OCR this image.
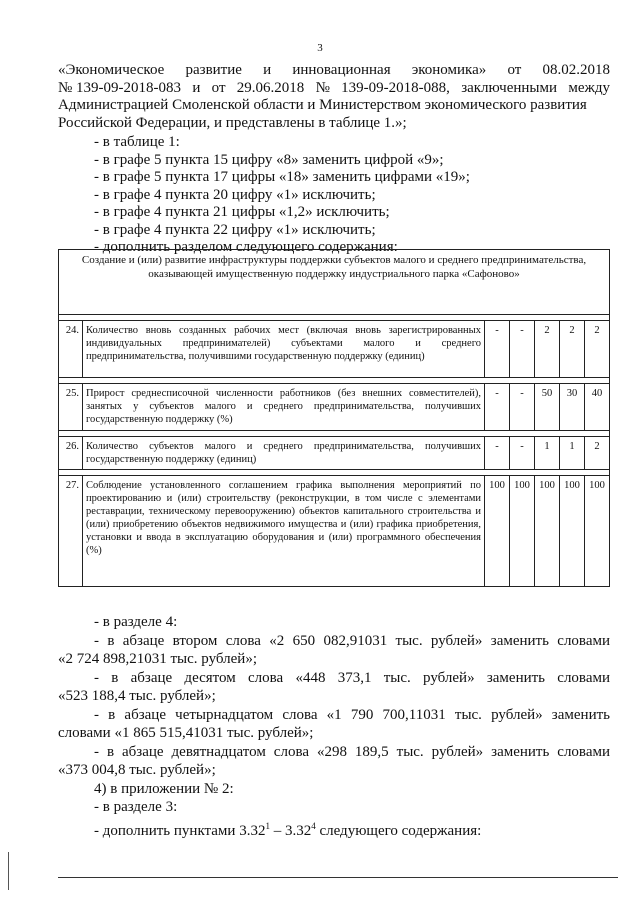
3

«Экономическое развитие и инновационная экономика» от 08.02.2018

№ 139-09-2018-083 и от 29.06.2018 № 139-09-2018-088, заключенными между

Администрацией Смоленской области и Министерством экономического развития

Российской Федерации, и представлены в таблице 1.»;

- в таблице 1:

- в графе 5 пункта 15 цифру «8» заменить цифрой «9»;

- в графе 5 пункта 17 цифры «18» заменить цифрами «19»;

- в графе 4 пункта 20 цифру «1» исключить;

- в графе 4 пункта 21 цифры «1,2» исключить;

- в графе 4 пункта 22 цифру «1» исключить;

- дополнить разделом следующего содержания:

Создание и (или) развитие инфраструктуры поддержки субъектов малого и среднего предпринимательства, оказывающей имущественную поддержку индустриального парка «Сафоново»						

24.	Количество вновь созданных рабочих мест (включая вновь зарегистрированных индивидуальных предпринимателей) субъектами малого и среднего предпринимательства, получившими государственную поддержку (единиц)	-	-	2	2	2

25.	Прирост среднесписочной численности работников (без внешних совместителей), занятых у субъектов малого и среднего предпринимательства, получивших государственную поддержку (%)	-	-	50	30	40

26.	Количество субъектов малого и среднего предпринимательства, получивших государственную поддержку (единиц)	-	-	1	1	2

27.	Соблюдение установленного соглашением графика выполнения мероприятий по проектированию и (или) строительству (реконструкции, в том числе с элементами реставрации, техническому перевооружению) объектов капитального строительства и (или) приобретению объектов недвижимого имущества и (или) графика приобретения, установки и ввода в эксплуатацию оборудования и (или) программного обеспечения (%)	100	100	100	100	100

- в разделе 4:

- в абзаце втором слова «2 650 082,91031 тыс. рублей» заменить словами

«2 724 898,21031 тыс. рублей»;

- в абзаце десятом слова «448 373,1 тыс. рублей» заменить словами

«523 188,4 тыс. рублей»;

- в абзаце четырнадцатом слова «1 790 700,11031 тыс. рублей» заменить

словами «1 865 515,41031 тыс. рублей»;

- в абзаце девятнадцатом слова «298 189,5 тыс. рублей» заменить словами

«373 004,8 тыс. рублей»;

4) в приложении № 2:

- в разделе 3:

- дополнить пунктами 3.32$^1$ – 3.32$^4$ следующего содержания:
